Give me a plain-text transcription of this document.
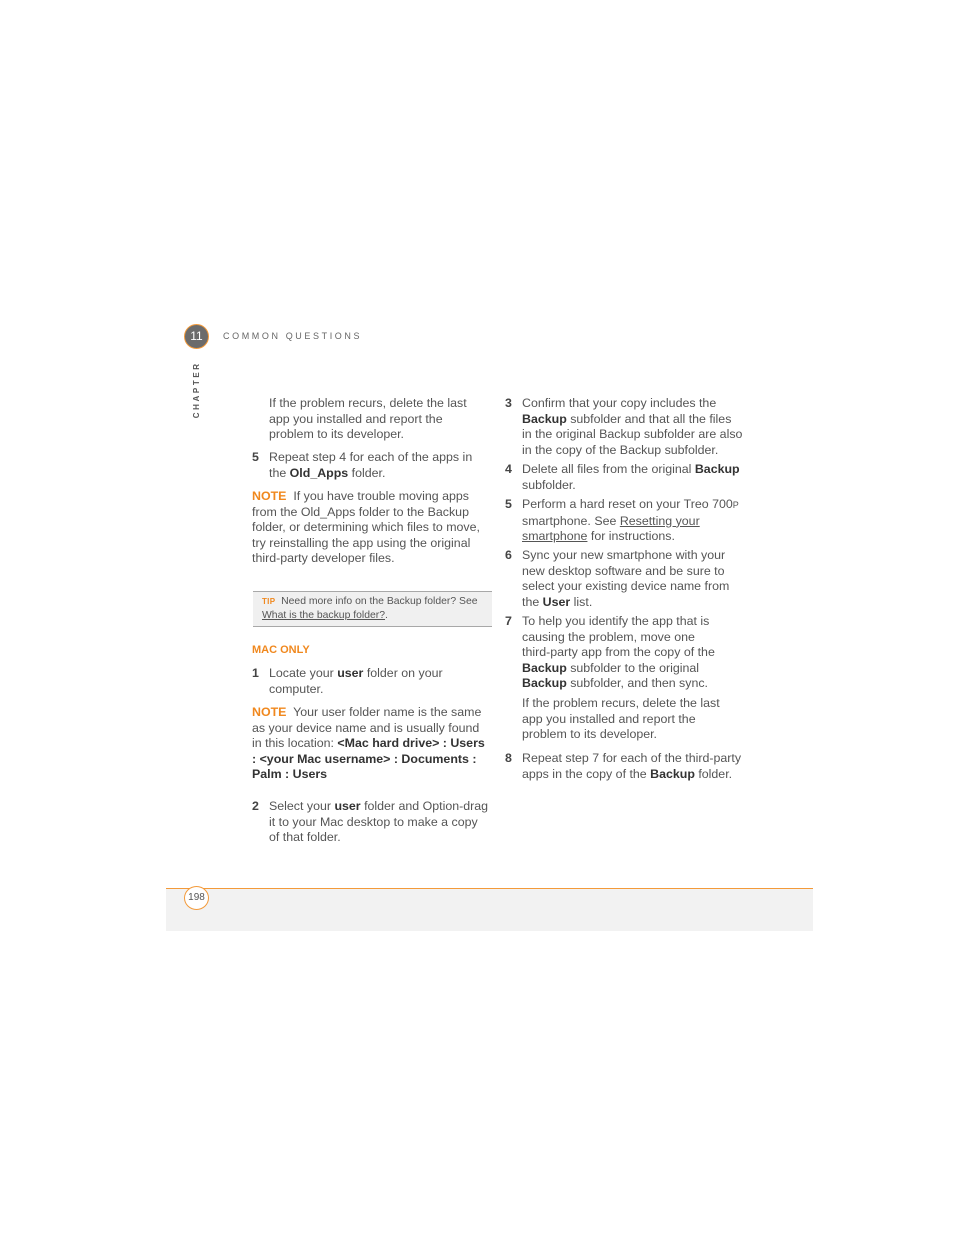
11	COMMON QUESTIONS
CHAPTER	If the problem recurs, delete the last app you installed and report the problem to its developer.
5 Repeat step 4 for each of the apps in the Old_Apps folder.
NOTE If you have trouble moving apps from the Old_Apps folder to the Backup folder, or determining which files to move, try reinstalling the app using the original third-party developer files.
TIP Need more info on the Backup folder? See What is the backup folder?.
MAC ONLY
1 Locate your user folder on your computer.
NOTE Your user folder name is the same as your device name and is usually found in this location: <Mac hard drive> : Users : <your Mac username> : Documents : Palm : Users
2 Select your user folder and Option-drag it to your Mac desktop to make a copy of that folder.
3 Confirm that your copy includes the Backup subfolder and that all the files in the original Backup subfolder are also in the copy of the Backup subfolder.
4 Delete all files from the original Backup subfolder.
5 Perform a hard reset on your Treo 700P smartphone. See Resetting your smartphone for instructions.
6 Sync your new smartphone with your new desktop software and be sure to select your existing device name from the User list.
7 To help you identify the app that is causing the problem, move one third-party app from the copy of the Backup subfolder to the original Backup subfolder, and then sync.
If the problem recurs, delete the last app you installed and report the problem to its developer.
8 Repeat step 7 for each of the third-party apps in the copy of the Backup folder.
198
